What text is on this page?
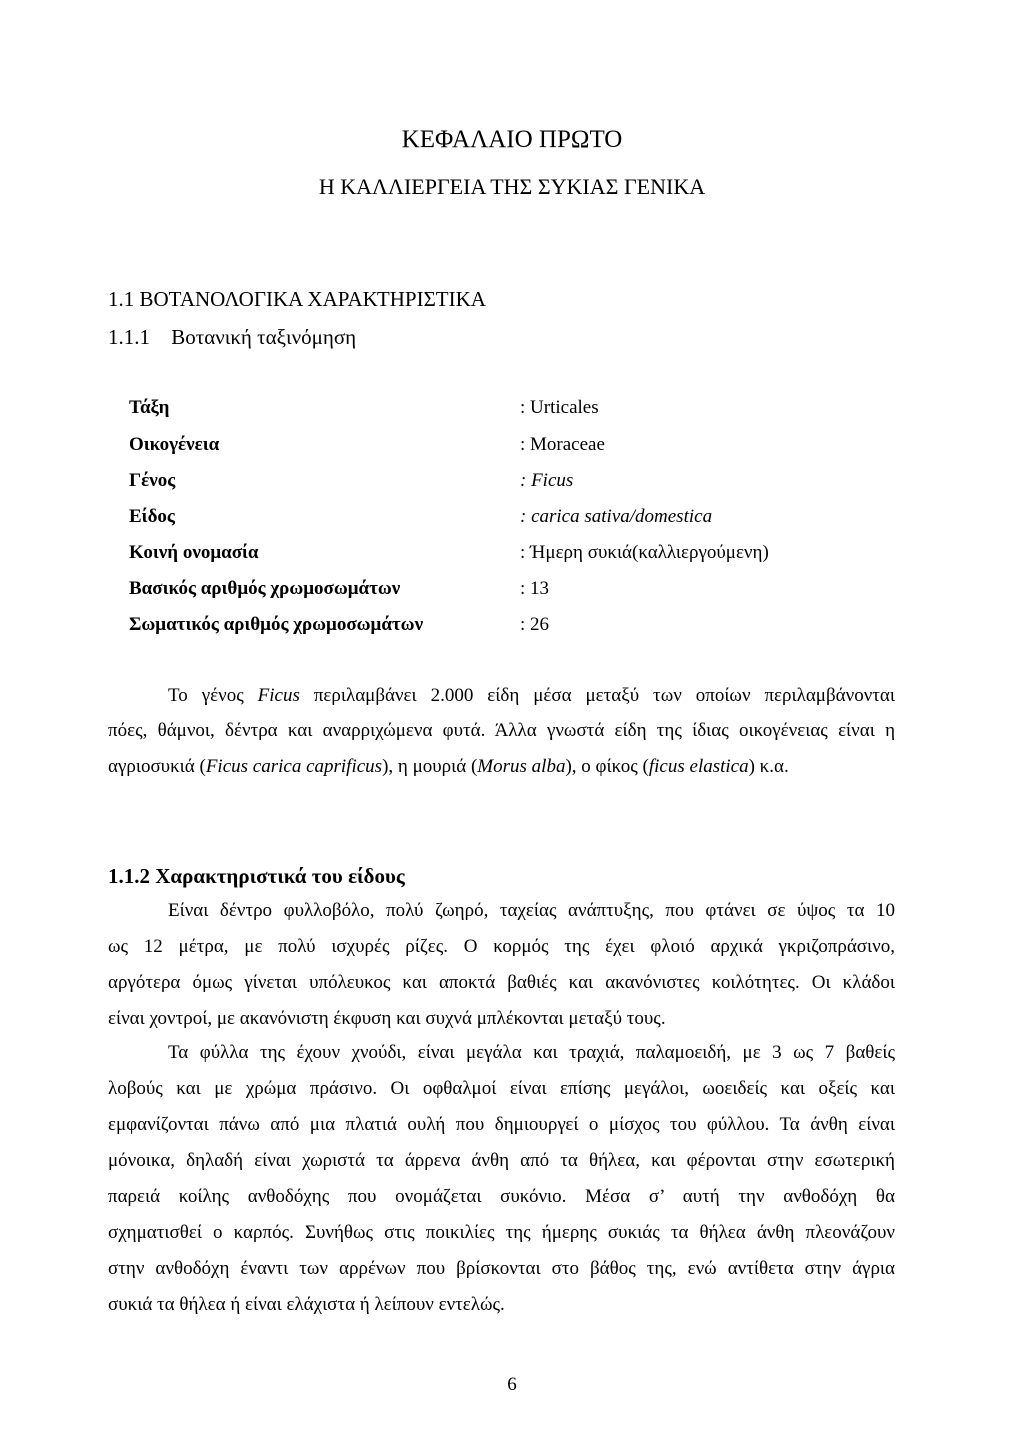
ΚΕΦΑΛΑΙΟ ΠΡΩΤΟ
Η ΚΑΛΛΙΕΡΓΕΙΑ ΤΗΣ ΣΥΚΙΑΣ ΓΕΝΙΚΑ
1.1 ΒΟΤΑΝΟΛΟΓΙΚΑ ΧΑΡΑΚΤΗΡΙΣΤΙΚΑ
1.1.1 Βοτανική ταξινόμηση
Τάξη	: Urticales
Οικογένεια	: Moraceae
Γένος	: Ficus
Είδος	: carica sativa/domestica
Κοινή ονομασία	: Ήμερη συκιά(καλλιεργούμενη)
Βασικός αριθμός χρωμοσωμάτων	: 13
Σωματικός αριθμός χρωμοσωμάτων	: 26
Το γένος Ficus περιλαμβάνει 2.000 είδη μέσα μεταξύ των οποίων περιλαμβάνονται
πόες, θάμνοι, δέντρα και αναρριχώμενα φυτά. Άλλα γνωστά είδη της ίδιας οικογένειας είναι η
αγριοσυκιά (Ficus carica caprificus), η μουριά (Morus alba), ο φίκος (ficus elastica) κ.α.
1.1.2 Χαρακτηριστικά του είδους
Είναι δέντρο φυλλοβόλο, πολύ ζωηρό, ταχείας ανάπτυξης, που φτάνει σε ύψος τα 10
ως 12 μέτρα, με πολύ ισχυρές ρίζες. Ο κορμός της έχει φλοιό αρχικά γκριζοπράσινο,
αργότερα όμως γίνεται υπόλευκος και αποκτά βαθιές και ακανόνιστες κοιλότητες. Οι κλάδοι
είναι χοντροί, με ακανόνιστη έκφυση και συχνά μπλέκονται μεταξύ τους.
Τα φύλλα της έχουν χνούδι, είναι μεγάλα και τραχιά, παλαμοειδή, με 3 ως 7 βαθείς
λοβούς και με χρώμα πράσινο. Οι οφθαλμοί είναι επίσης μεγάλοι, ωοειδείς και οξείς και
εμφανίζονται πάνω από μια πλατιά ουλή που δημιουργεί ο μίσχος του φύλλου. Τα άνθη είναι
μόνοικα, δηλαδή είναι χωριστά τα άρρενα άνθη από τα θήλεα, και φέρονται στην εσωτερική
παρειά κοίλης ανθοδόχης που ονομάζεται συκόνιο. Μέσα σ’ αυτή την ανθοδόχη θα
σχηματισθεί ο καρπός. Συνήθως στις ποικιλίες της ήμερης συκιάς τα θήλεα άνθη πλεονάζουν
στην ανθοδόχη έναντι των αρρένων που βρίσκονται στο βάθος της, ενώ αντίθετα στην άγρια
συκιά τα θήλεα ή είναι ελάχιστα ή λείπουν εντελώς.
6
